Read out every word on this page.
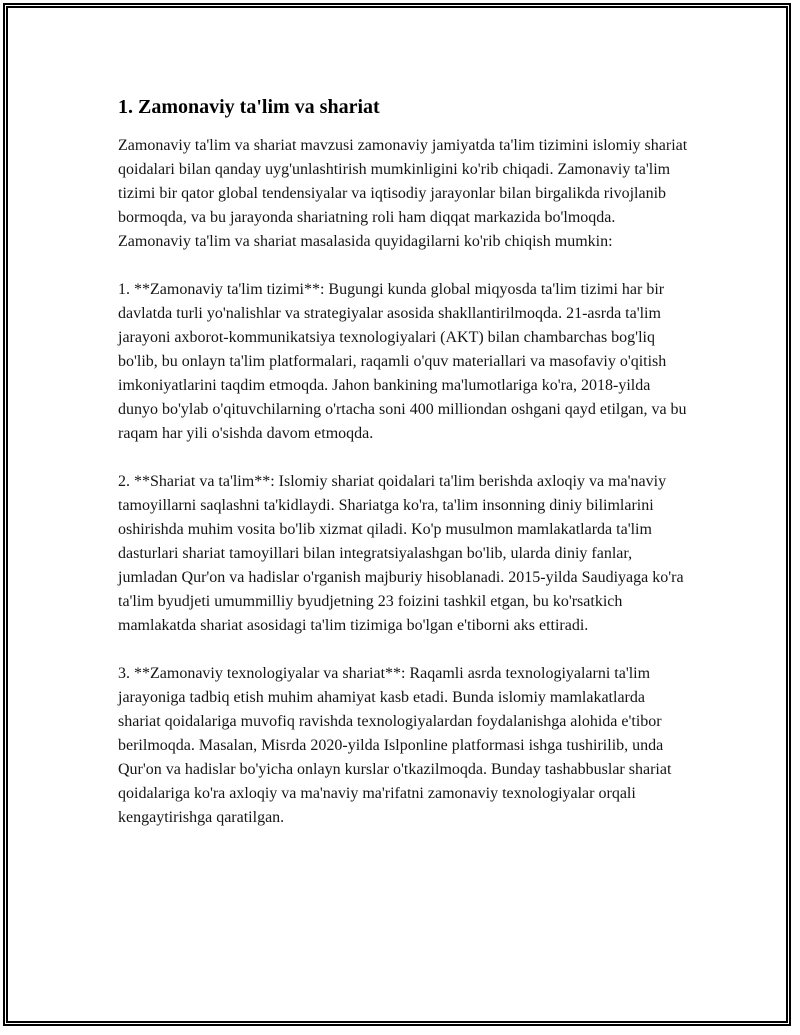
1. Zamonaviy ta'lim va shariat

Zamonaviy ta'lim va shariat mavzusi zamonaviy jamiyatda ta'lim tizimini islomiy shariat qoidalari bilan qanday uyg'unlashtirish mumkinligini ko'rib chiqadi. Zamonaviy ta'lim tizimi bir qator global tendensiyalar va iqtisodiy jarayonlar bilan birgalikda rivojlanib bormoqda, va bu jarayonda shariatning roli ham diqqat markazida bo'lmoqda. Zamonaviy ta'lim va shariat masalasida quyidagilarni ko'rib chiqish mumkin:

1. **Zamonaviy ta'lim tizimi**: Bugungi kunda global miqyosda ta'lim tizimi har bir davlatda turli yo'nalishlar va strategiyalar asosida shakllantirilmoqda. 21-asrda ta'lim jarayoni axborot-kommunikatsiya texnologiyalari (AKT) bilan chambarchas bog'liq bo'lib, bu onlayn ta'lim platformalari, raqamli o'quv materiallari va masofaviy o'qitish imkoniyatlarini taqdim etmoqda. Jahon bankining ma'lumotlariga ko'ra, 2018-yilda dunyo bo'ylab o'qituvchilarning o'rtacha soni 400 milliondan oshgani qayd etilgan, va bu raqam har yili o'sishda davom etmoqda.

2. **Shariat va ta'lim**: Islomiy shariat qoidalari ta'lim berishda axloqiy va ma'naviy tamoyillarni saqlashni ta'kidlaydi. Shariatga ko'ra, ta'lim insonning diniy bilimlarini oshirishda muhim vosita bo'lib xizmat qiladi. Ko'p musulmon mamlakatlarda ta'lim dasturlari shariat tamoyillari bilan integratsiyalashgan bo'lib, ularda diniy fanlar, jumladan Qur'on va hadislar o'rganish majburiy hisoblanadi. 2015-yilda Saudiyaga ko'ra ta'lim byudjeti umummilliy byudjetning 23 foizini tashkil etgan, bu ko'rsatkich mamlakatda shariat asosidagi ta'lim tizimiga bo'lgan e'tiborni aks ettiradi.

3. **Zamonaviy texnologiyalar va shariat**: Raqamli asrda texnologiyalarni ta'lim jarayoniga tadbiq etish muhim ahamiyat kasb etadi. Bunda islomiy mamlakatlarda shariat qoidalariga muvofiq ravishda texnologiyalardan foydalanishga alohida e'tibor berilmoqda. Masalan, Misrda 2020-yilda Islponline platformasi ishga tushirilib, unda Qur'on va hadislar bo'yicha onlayn kurslar o'tkazilmoqda. Bunday tashabbuslar shariat qoidalariga ko'ra axloqiy va ma'naviy ma'rifatni zamonaviy texnologiyalar orqali kengaytirishga qaratilgan.
